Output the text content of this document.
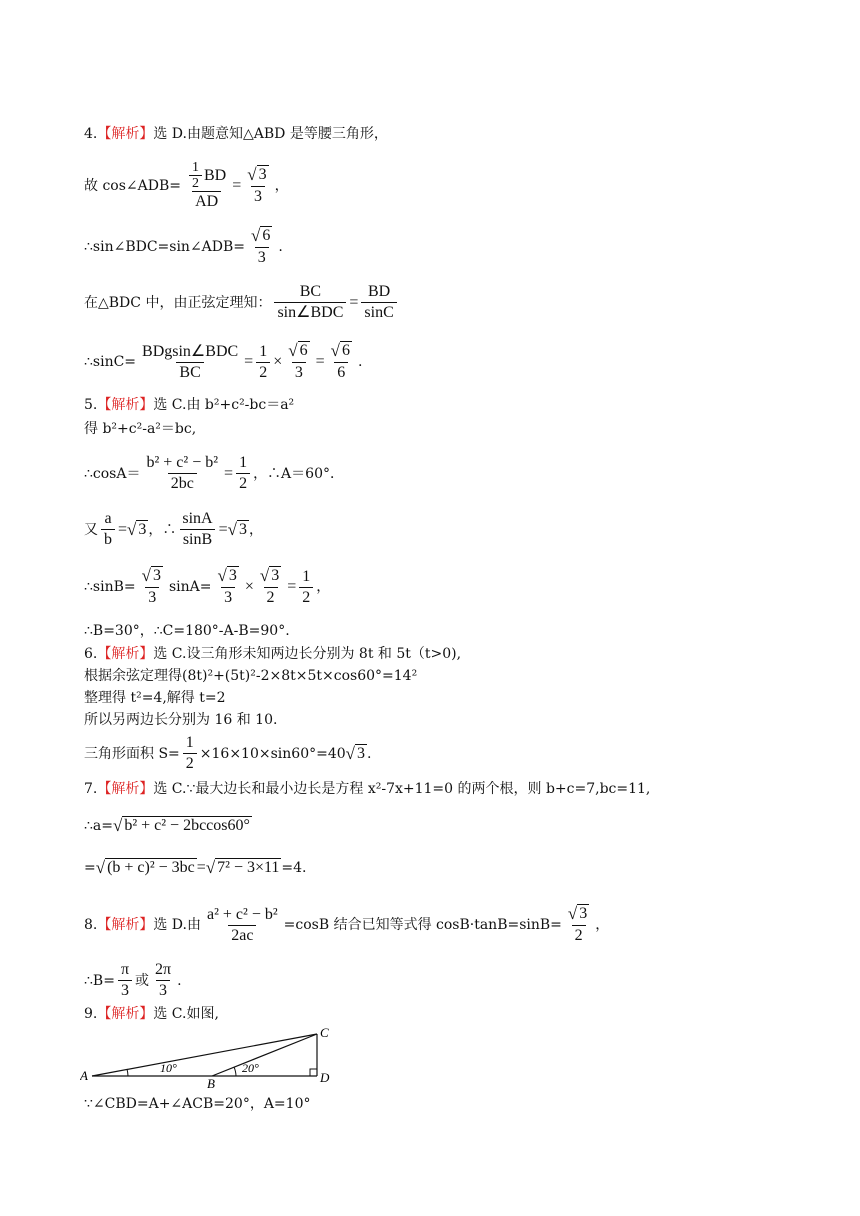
4.【解析】选 D.由题意知△ABD 是等腰三角形，
故 cos∠ADB= $\frac{\frac{1}{2} BD}{AD} = \frac{√ 3}{3}$ ，
∴sin∠BDC=sin∠ADB= $\frac{√ 6}{3}$ .
在△BDC 中，由正弦定理知： $\frac{BC}{\text{sin∠BDC}} = \frac{BD}{\sin C}$
∴sinC= $\frac{\text{BDgsin∠BDC}}{BC} = \frac{1}{2} \times \frac{√ 6}{3} = \frac{√ 6}{6}$ .
5.【解析】选 C.由 b²+c²-bc＝a²
得 b²+c²-a²＝bc,
∴cosA＝ $\frac{\text{b² + c² − b²}}{2bc} = \frac{1}{2}$ ，∴A＝60°．
又 $\frac{a}{b}$ = √ 3 ，∴ $\frac{\sin A}{\sin B}$ = √ 3 ，
∴sinB= $\frac{√ 3}{3} \sin A= \frac{√ 3}{3} \times \frac{√ 3}{2} = \frac{1}{2}$ ，
∴B=30°，∴C=180°-A-B=90°.
6.【解析】选 C.设三角形未知两边长分别为 8t 和 5t（t>0),
根据余弦定理得(8t)²+(5t)²-2×8t×5t×cos60°=14²
整理得 t²=4,解得 t=2
所以另两边长分别为 16 和 10.
三角形面积 $S= \frac{1}{2} \times 16\times 10\times\sin 60^\circ=40$ √ 3 .
7.【解析】选 C.∵最大边长和最小边长是方程 x²-7x+11=0 的两个根，则 b+c=7,bc=11,
∴a= √ b² + c² − 2bccos60°
= √ (b + c)² − 3bc = √ 7² − 3×11 =4.
8.【解析】选 D.由 $\frac{\text{a² + c² − b²}}{2ac} =\cos B$ 结合已知等式得 $\cos B\cdot\tan B=\sin B= \frac{√ 3}{2}$ ，
∴B= $\frac{\pi}{3}$ 或 $\frac{2\pi}{3}$ .
9.【解析】选 C.如图,
A
B
C
D
10°	20°
∵∠CBD=A+∠ACB=20°，A=10°
